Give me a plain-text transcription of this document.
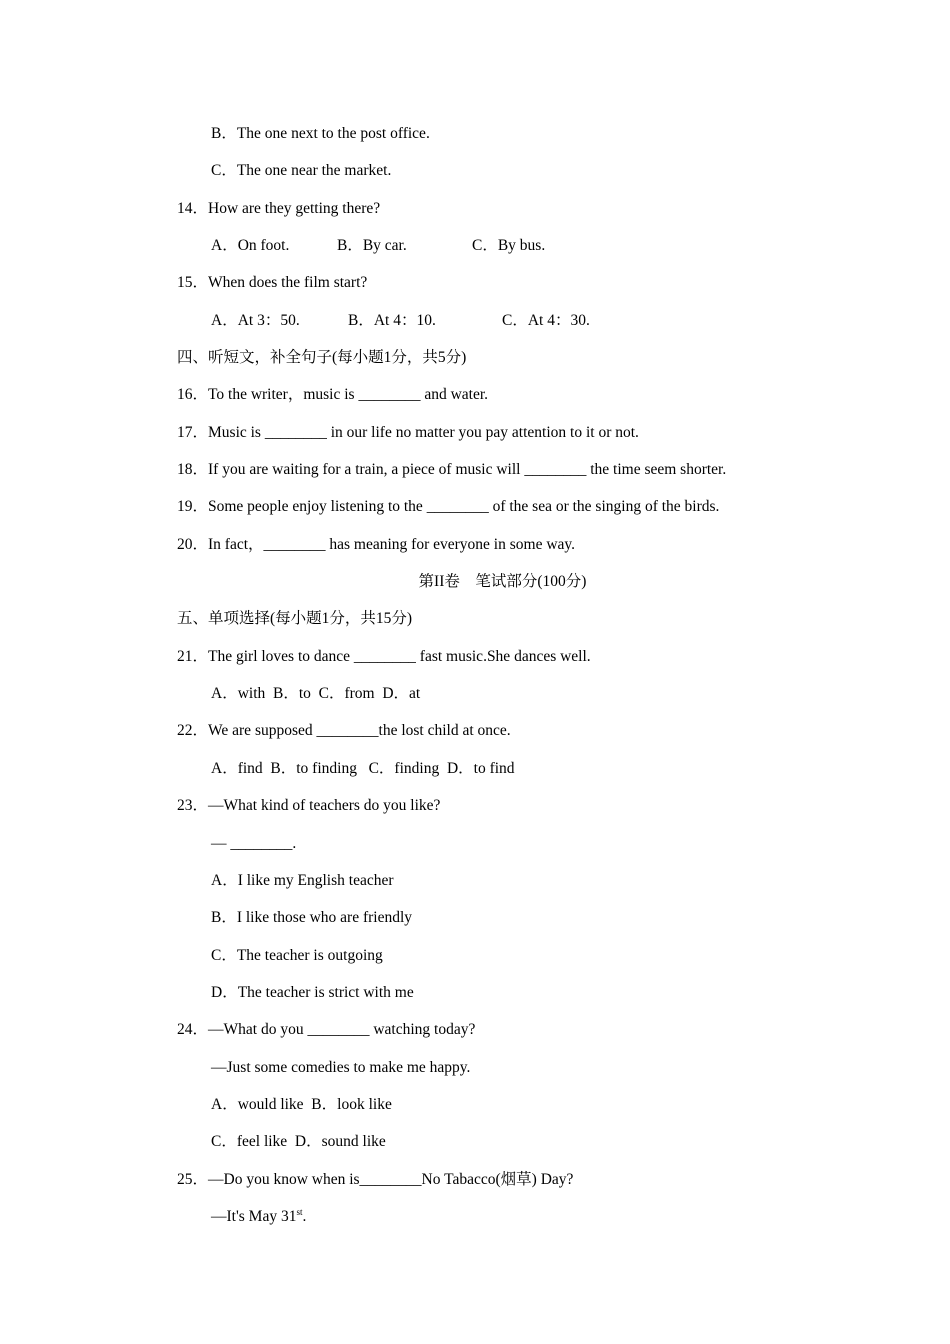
B．The one next to the post office.
C．The one near the market.
14．How are they getting there?

A．On foot.

	B．By car.

	C．By bus.

15．When does the film start?

A．At 3：50.

	B．At 4：10.

	C．At 4：30.

四、听短文，补全句子(每小题1分，共5分)
16．To the writer，music is ________ and water.
17．Music is ________ in our life no matter you pay attention to it or not.
18．If you are waiting for a train, a piece of music will ________ the time seem shorter.
19．Some people enjoy listening to the ________ of the sea or the singing of the birds.
20．In fact，________ has meaning for everyone in some way.
第II卷　笔试部分(100分)
五、单项选择(每小题1分，共15分)
21．The girl loves to dance ________ fast music.She dances well.
A．with  B．to  C．from  D．at
22．We are supposed ________the lost child at once.
A．find  B．to finding   C．finding  D．to find
23．—What kind of teachers do you like?
— ________.
A．I like my English teacher
B．I like those who are friendly
C．The teacher is outgoing
D．The teacher is strict with me
24．—What do you ________ watching today?
—Just some comedies to make me happy.
A．would like  B．look like
C．feel like  D．sound like
25．—Do you know when is________No Tabacco(烟草) Day?
—It's May 31st.
